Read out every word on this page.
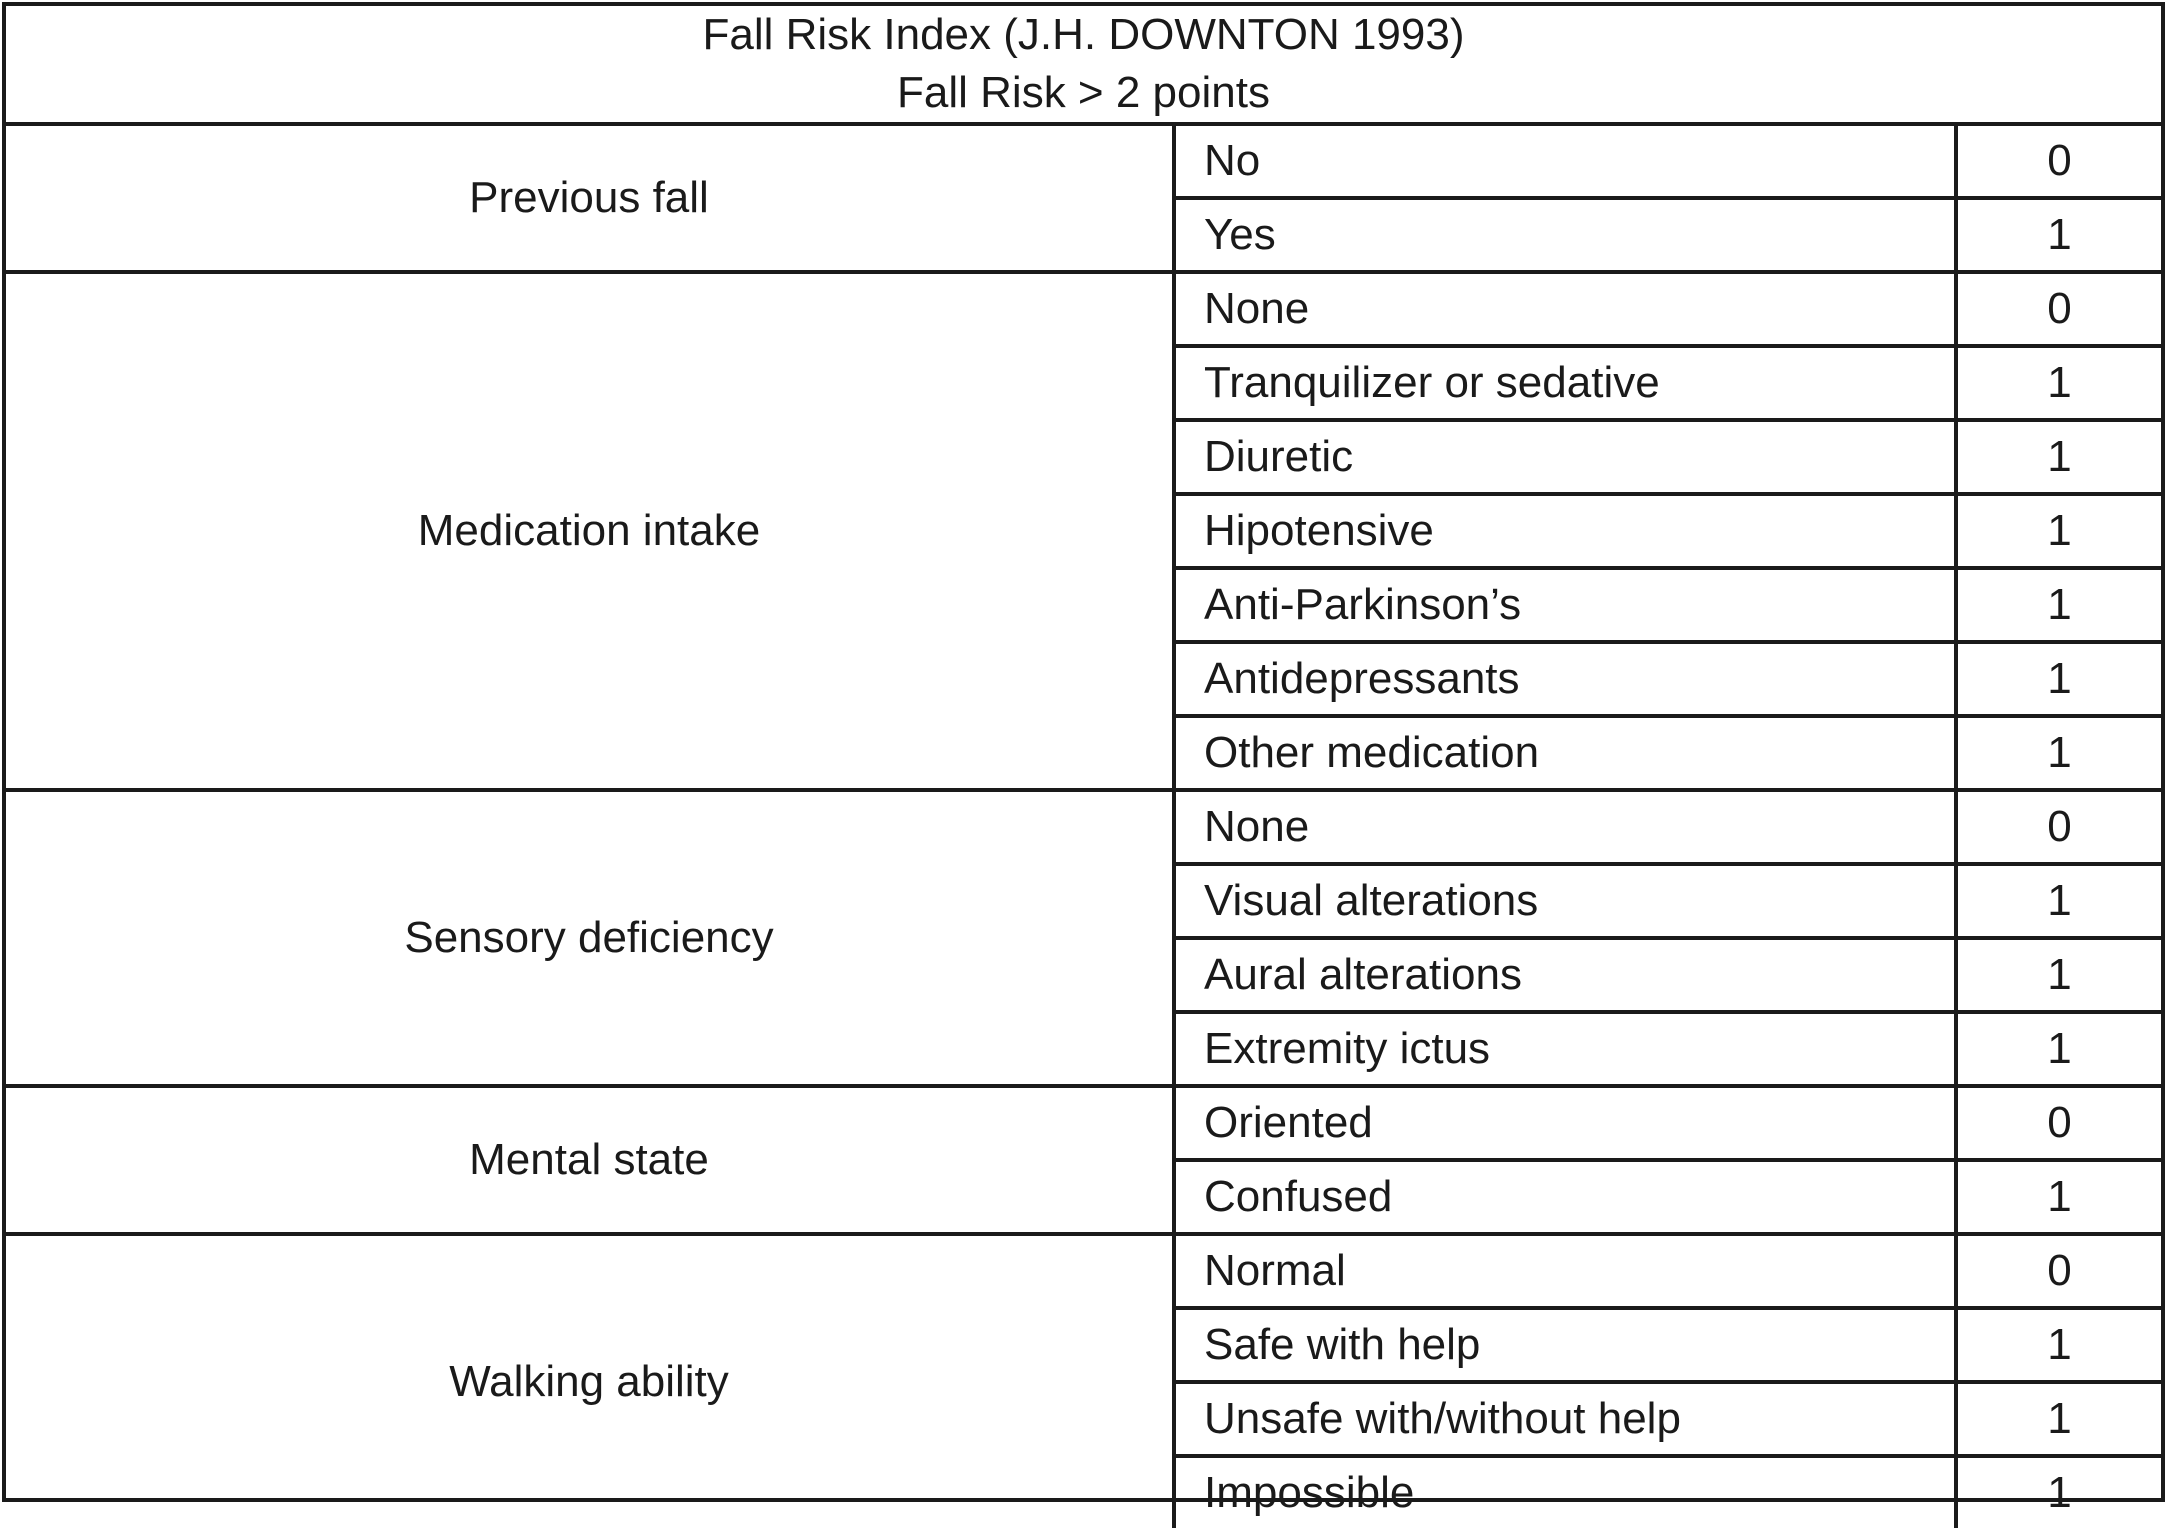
Fall Risk Index (J.H. DOWNTON 1993)
Fall Risk > 2 points
Previous fall
No	0
Yes	1
Medication intake
None	0
Tranquilizer or sedative	1
Diuretic	1
Hipotensive	1
Anti-Parkinson’s	1
Antidepressants	1
Other medication	1
Sensory deficiency
None	0
Visual alterations	1
Aural alterations	1
Extremity ictus	1
Mental state
Oriented	0
Confused	1
Walking ability
Normal	0
Safe with help	1
Unsafe with/without help	1
Impossible	1
